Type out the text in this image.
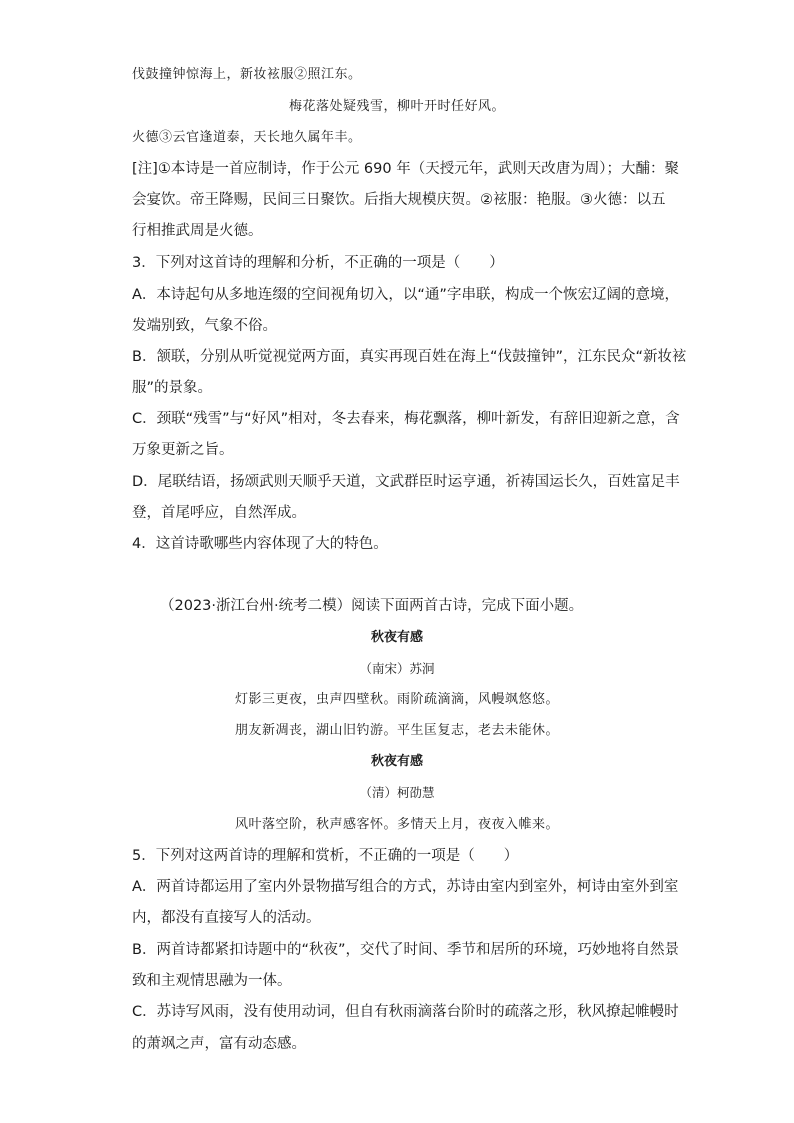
伐鼓撞钟惊海上，新妆袨服②照江东。
梅花落处疑残雪，柳叶开时任好风。
火德③云官逢道泰，天长地久属年丰。
[注]①本诗是一首应制诗，作于公元 690 年（天授元年，武则天改唐为周）；大酺：聚
会宴饮。帝王降赐，民间三日聚饮。后指大规模庆贺。②袨服：艳服。③火德：以五
行相推武周是火德。
3．下列对这首诗的理解和分析，不正确的一项是（　　）
A．本诗起句从多地连缀的空间视角切入，以“通”字串联，构成一个恢宏辽阔的意境，
发端别致，气象不俗。
B．颔联，分别从听觉视觉两方面，真实再现百姓在海上“伐鼓撞钟”，江东民众“新妆袨
服”的景象。
C．颈联“残雪”与“好风”相对，冬去春来，梅花飘落，柳叶新发，有辞旧迎新之意，含
万象更新之旨。
D．尾联结语，扬颂武则天顺乎天道，文武群臣时运亨通，祈祷国运长久，百姓富足丰
登，首尾呼应，自然浑成。
4．这首诗歌哪些内容体现了大的特色。
（2023·浙江台州·统考二模）阅读下面两首古诗，完成下面小题。
秋夜有感
（南宋）苏泂
灯影三更夜，虫声四壁秋。雨阶疏滴滴，风幔飒悠悠。
朋友新凋丧，湖山旧钓游。平生匡复志，老去未能休。
秋夜有感
（清）柯劭慧
风叶落空阶，秋声感客怀。多情天上月，夜夜入帷来。
5．下列对这两首诗的理解和赏析，不正确的一项是（　　）
A．两首诗都运用了室内外景物描写组合的方式，苏诗由室内到室外，柯诗由室外到室
内，都没有直接写人的活动。
B．两首诗都紧扣诗题中的“秋夜”，交代了时间、季节和居所的环境，巧妙地将自然景
致和主观情思融为一体。
C．苏诗写风雨，没有使用动词，但自有秋雨滴落台阶时的疏落之形，秋风撩起帷幔时
的萧飒之声，富有动态感。
